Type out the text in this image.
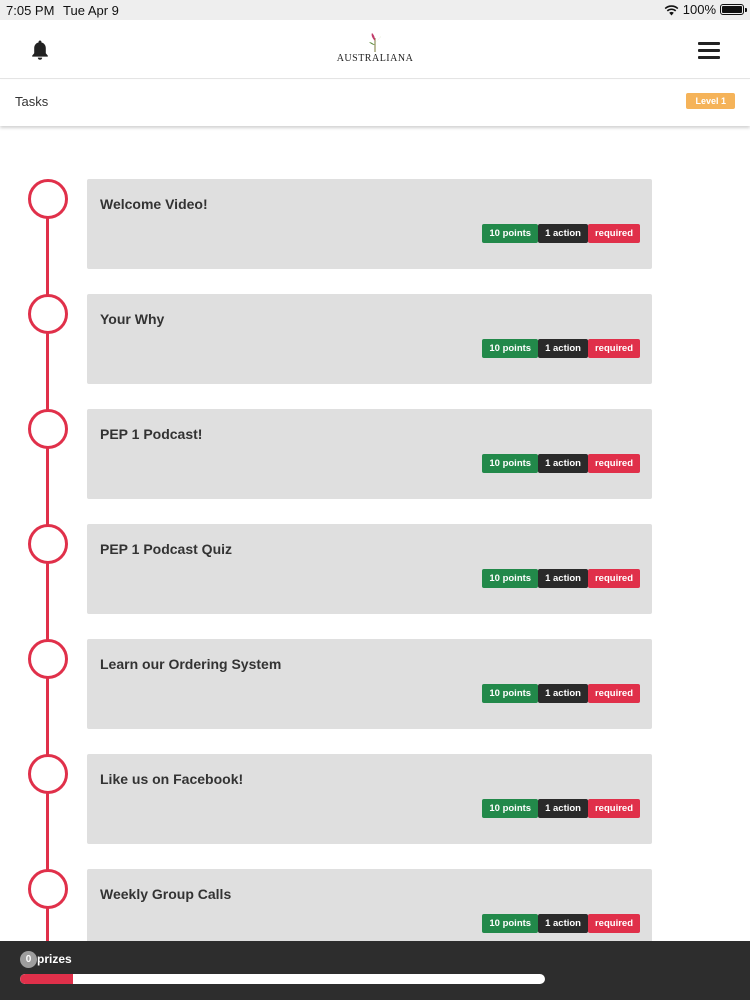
7:05 PM Tue Apr 9	100%
AUSTRALIANA
Tasks	Level 1
Welcome Video!
10 points	1 action	required
Your Why
10 points	1 action	required
PEP 1 Podcast!
10 points	1 action	required
PEP 1 Podcast Quiz
10 points	1 action	required
Learn our Ordering System
10 points	1 action	required
Like us on Facebook!
10 points	1 action	required
Weekly Group Calls
10 points	1 action	required
0 prizes
